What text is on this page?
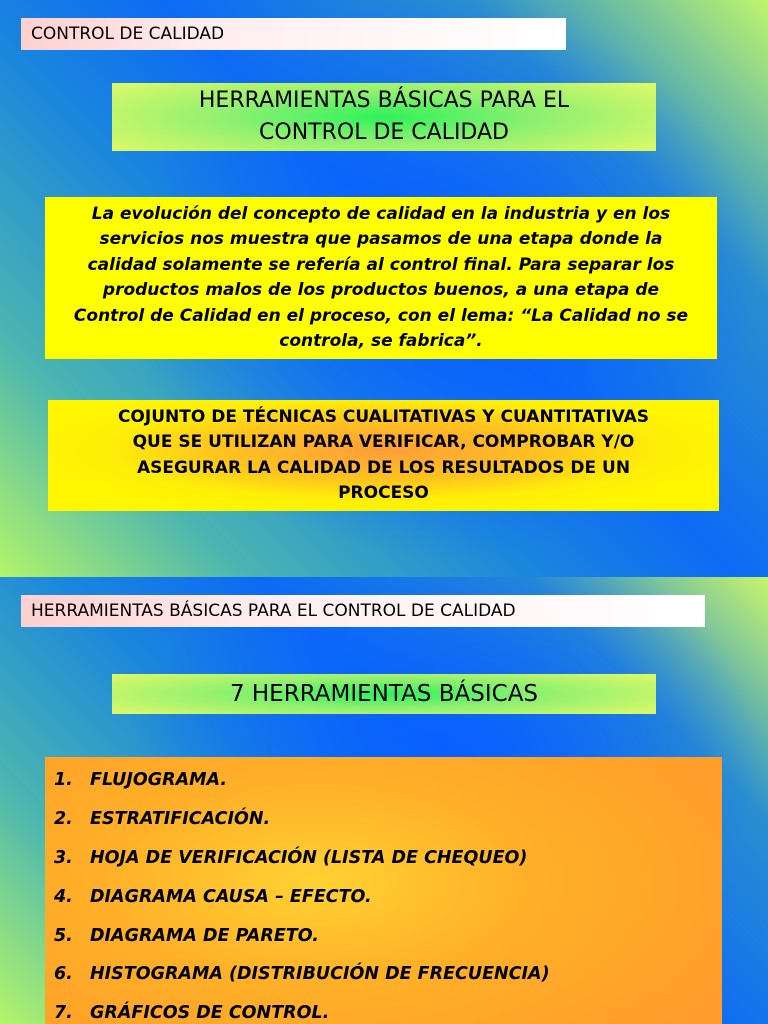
CONTROL DE CALIDAD
HERRAMIENTAS BÁSICAS PARA EL
CONTROL DE CALIDAD
La evolución del concepto de calidad en la industria y en los
servicios nos muestra que pasamos de una etapa donde la
calidad solamente se refería al control final. Para separar los
productos malos de los productos buenos, a una etapa de
Control de Calidad en el proceso, con el lema: “La Calidad no se
controla, se fabrica”.
COJUNTO DE TÉCNICAS CUALITATIVAS Y CUANTITATIVAS
QUE SE UTILIZAN PARA VERIFICAR, COMPROBAR Y/O
ASEGURAR LA CALIDAD DE LOS RESULTADOS DE UN
PROCESO
HERRAMIENTAS BÁSICAS PARA EL CONTROL DE CALIDAD
7 HERRAMIENTAS BÁSICAS
1. FLUJOGRAMA.
2. ESTRATIFICACIÓN.
3. HOJA DE VERIFICACIÓN (LISTA DE CHEQUEO)
4. DIAGRAMA CAUSA – EFECTO.
5. DIAGRAMA DE PARETO.
6. HISTOGRAMA (DISTRIBUCIÓN DE FRECUENCIA)
7. GRÁFICOS DE CONTROL.
